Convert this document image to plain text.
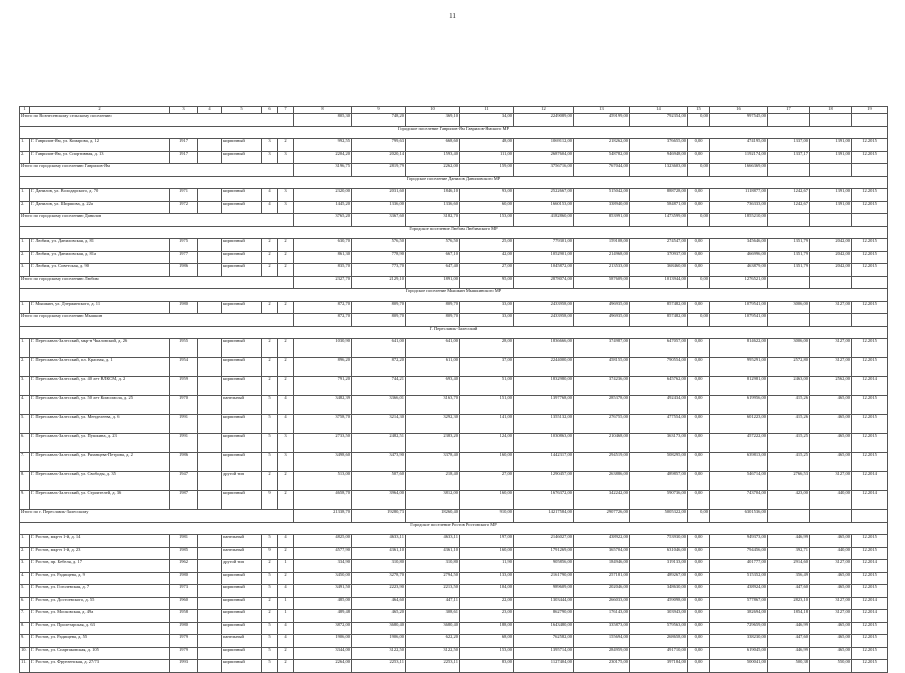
11
1	2	3	4	5	6	7	8	9	10	11	12	13	14	15	16	17	18	19
Итого по Вознесенскому сельскому поселению							805,30	748,20	369,10	34,00	2249089,00	459199,00	792354,00	0,00	997545,00			
Городское поселение Гаврилов-Ям Гаврилов-Ямского МР																		
1.	Г. Гаврилов-Ям, ул. Комарова, д. 12	1917		кирпичный	3	2	992,55	799,63	668,60	48,00	1069112,00	218262,00	376655,00	0,00	474195,00	1337,00	1391,00	12.2015
2.	Г. Гаврилов-Ям, ул. Спортивная, д. 13	1917		кирпичный	3	3	2204,20	2020,14	1593,40	111,00	2687604,00	548782,00	946948,00	0,00	1192174,00	1337,17	1391,00	12.2015
Итого по городскому поселению Гаврилов-Ям							3196,75	2819,79	2262,00	159,00	3756716,00	767044,00	1323603,00	0,00	1666369,00			
Городское поселение Данилов Даниловского МР																		
1.	Г. Данилов, ул. Володарского, д. 70	1971		кирпичный	4	3	2320,00	2031,60	1846,10	93,00	2522667,00	515042,00	888728,00	0,00	1118877,00	1242,67	1391,00	12.2015
2.	Г. Данилов, ул. Ширшова, д. 22а	1972		кирпичный	4	3	1445,20	1336,00	1336,60	60,00	1660153,00	338940,00	584871,00	0,00	736333,00	1242,67	1391,00	12.2015
Итого по городскому поселению Данилов							3765,20	3367,60	3182,70	153,00	4182860,00	853991,00	1473599,00	0,00	1855210,00			
Городское поселение Любим Любимского МР																		
1.	Г. Любим, ул. Даниловская, д. 81	1975		кирпичный	2	2	630,70	576,50	576,50	25,00	779301,00	159108,00	274547,00	0,00	345646,00	1351,79	2042,00	12.2015
2.	Г. Любим, ул. Даниловская, д. 81а	1977		кирпичный	2	2	861,30	778,90	667,10	42,00	1052901,00	214968,00	370937,00	0,00	466996,00	1351,79	2042,00	12.2015
3.	Г. Любим, ул. Советская, д. 90	1986		кирпичный	2	2	835,70	773,70	647,40	27,00	1045872,00	213533,00	368460,00	0,00	463879,00	1351,79	2042,00	12.2015
Итого по городскому поселению Любим							2327,70	2129,10	1891,00	95,00	2878074,00	587609,00	1013944,00	0,00	1276521,00			
Городское поселение Мышкин Мышкинского МР																		
1.	Г. Мышкин, ул. Дзержинского, д. 11	1980		кирпичный	2	2	872,70	809,70	809,70	33,00	2433958,00	496935,00	857482,00	0,00	1079541,00	3006,00	3127,00	12.2015
Итого по городскому поселению Мышкин							872,70	809,70	809,70	33,00	2433958,00	496935,00	857482,00	0,00	1079541,00			
Г. Переславль-Залесский																		
1.	Г. Переславль-Залесский, мкр-н Чкаловский, д. 26	1955		кирпичный	2	2	1030,90	641,00	641,00	28,00	1836666,00	374987,00	647057,00	0,00	814622,00	3006,00	3127,00	12.2015
2.	Г. Переславль-Залесский, пл. Красная, д. 1	1954		кирпичный	2	2	896,20	872,20	611,00	37,00	2244000,00	458155,00	790554,00	0,00	995291,00	2572,80	3127,00	12.2015
3.	Г. Переславль-Залесский, ул. 40 лет ВЛКСМ, д. 2	1959		кирпичный	2	2	791,20	744,21	693,40	51,00	1832980,00	374236,00	645762,00	0,00	812981,00	2463,00	2562,00	12.2014
4.	Г. Переславль-Залесский, ул. 50 лет Комсомола, д. 25	1970		панельный	5	4	3482,39	3366,01	3163,70	151,00	1397768,00	285378,00	492434,00	0,00	619956,00	415,26	465,00	12.2015
5.	Г. Переславль-Залесский, ул. Менделеева, д. 6	1991		кирпичный	5	4	3758,70	3214,30	3292,30	141,00	1355132,00	276755,00	477554,00	0,00	601223,00	415,26	465,00	12.2015
6.	Г. Переславль-Залесский, ул. Пушкина, д. 23	1991		кирпичный	5	3	2733,50	2482,51	2383,20	124,00	1030863,00	210468,00	363173,00	0,00	457222,00	415,25	465,00	12.2015
7.	Г. Переславль-Залесский, ул. Рязанцева-Петрова, д. 2	1986		кирпичный	5	3	3498,60	3473,90	3378,40	160,00	1442317,00	294519,00	508295,00	0,00	639813,00	415,25	465,00	12.2015
8.	Г. Переславль-Залесский, ул. Свободы, д. 35	1947		другой тип	2	2	513,00	507,60	218,40	27,00	1290457,00	263886,00	489857,00	0,00	546714,00	2766,53	3127,00	12.2014
9.	Г. Переславль-Залесский, ул. Строителей, д. 36	1987		кирпичный	9	2	4658,70	3964,00	3812,00	160,00	1676372,00	342242,00	590736,00	0,00	743704,00	423,00	440,00	12.2014
Итого по г. Переславль-Залесскому							21338,70	19280,73	18260,40	910,00	14217584,00	2907726,00	5005322,00	0,00	6301536,00			
Городское поселение Ростов Ростовского МР																		
1.	Г. Ростов, мкр-н 1-й, д. 14	1981		панельный	5	4	4825,00	4633,11	4633,11	197,00	2146027,00	438922,00	753930,00	0,00	949373,00	446,99	465,00	12.2015
2.	Г. Ростов, мкр-н 1-й, д. 23	1985		панельный	9	2	4577,90	4361,10	4361,10	160,00	1791269,00	365704,00	631046,00	0,00	794456,00	392,71	440,00	12.2015
3.	Г. Ростов, пр. Бебеля, д. 17	1962		другой тип	2	1	334,90	310,80	310,80	11,90	905856,00	184946,00	319133,00	0,00	401777,00	2914,60	3127,00	12.2014
4.	Г. Ростов, ул. Радищева, д. 9	1980		кирпичный	5	2	3450,00	3278,70	2794,50	133,00	2161790,00	257181,00	489267,00	0,00	515352,00	356,49	465,00	12.2015
5.	Г. Ростов, ул. Гоголевская, д. 7	1973		кирпичный	5	4	3491,50	2223,90	2213,50	104,00	989609,00	202046,00	348630,00	0,00	438924,00	447,60	465,00	12.2015
6.	Г. Ростов, ул. Достоевского, д. 55	1960		кирпичный	2	1	485,00	464,60	447,11	22,00	1303444,00	266033,00	459098,00	0,00	577867,00	2823,10	3127,00	12.2014
7.	Г. Ростов, ул. Московская, д. 49а	1958		кирпичный	2	1	489,48	465,20	308,61	23,00	862790,00	176143,00	303943,00	0,00	382694,00	1854,18	3127,00	12.2014
8.	Г. Ростов, ул. Пролетарская, д. 63	1980		кирпичный	5	4	3872,00	3680,40	3680,40	188,00	1643480,00	335873,00	579563,00	0,00	729659,00	446,99	465,00	12.2015
9.	Г. Ростов, ул. Радищева, д. 55	1979		панельный	5	4	1906,00	1906,00	622,20	68,00	762582,00	155694,00	268658,00	0,00	338230,00	447,60	465,00	12.2015
10.	Г. Ростов, ул. Спартаковская, д. 105	1979		кирпичный	5	2	3344,00	3122,50	3122,50	153,00	1395714,00	284959,00	491710,00	0,00	619045,00	446,99	465,00	12.2015
11.	Г. Ростов, ул. Фрунзенская, д. 27/73	1993		кирпичный	5	2	2264,00	2253,11	2253,11	83,00	1127404,00	230175,00	397184,00	0,00	500041,00	500,38	550,00	12.2015
